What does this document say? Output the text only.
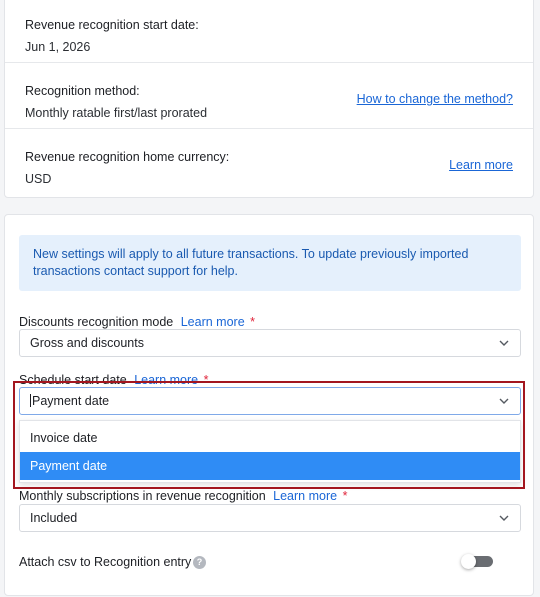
Revenue recognition start date:
Jun 1, 2026
Recognition method:
Monthly ratable first/last prorated
How to change the method?
Revenue recognition home currency:
USD
Learn more
New settings will apply to all future transactions. To update previously imported transactions contact support for help.
Discounts recognition mode Learn more *
Gross and discounts
Schedule start date Learn more *
Payment date
Invoice date
Payment date
Monthly subscriptions in revenue recognition Learn more *
Included
Attach csv to Recognition entry ?
